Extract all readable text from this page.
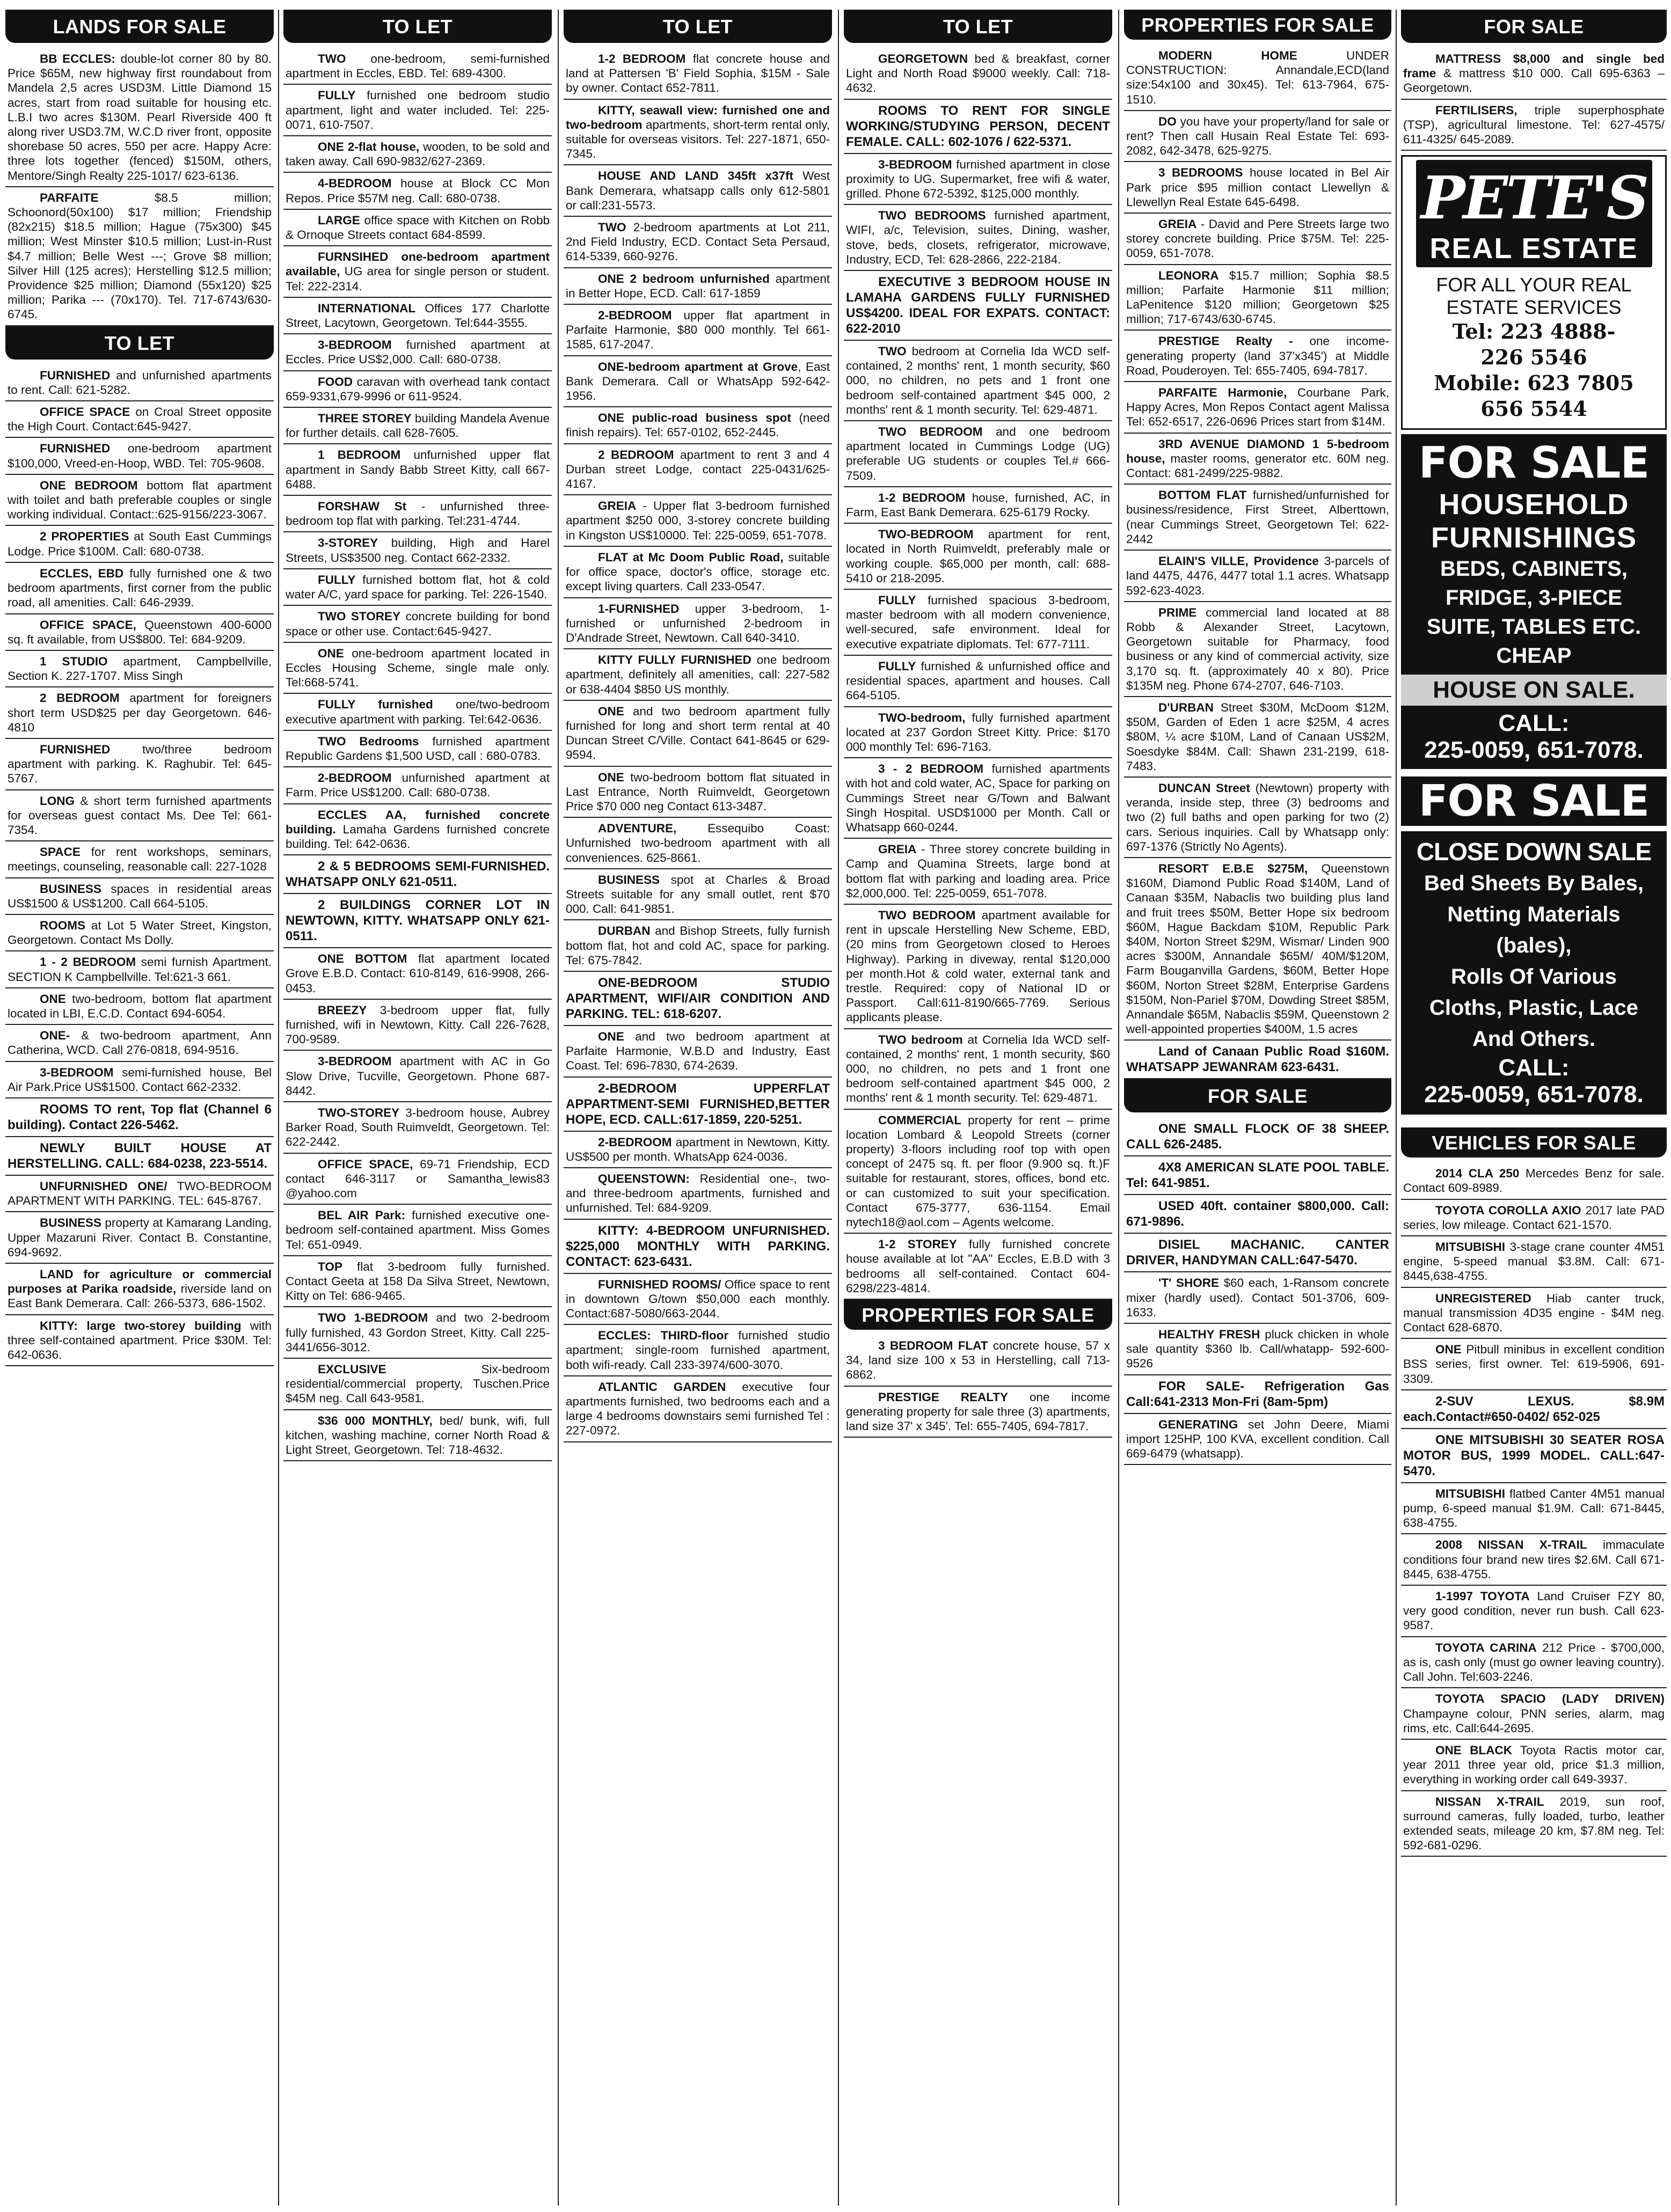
LANDS FOR SALE
BB ECCLES: double-lot corner 80 by 80. Price $65M, new highway first roundabout from Mandela 2,5 acres USD3M. Little Diamond 15 acres, start from road suitable for housing etc. L.B.I two acres $130M. Pearl Riverside 400 ft along river USD3.7M, W.C.D river front, opposite shorebase 50 acres, 550 per acre. Happy Acre: three lots together (fenced) $150M, others, Mentore/Singh Realty 225-1017/ 623-6136.
PARFAITE $8.5 million; Schoonord(50x100) $17 million; Friendship (82x215) $18.5 million; Hague (75x300) $45 million; West Minster $10.5 million; Lust-in-Rust $4.7 million; Belle West ---; Grove $8 million; Silver Hill (125 acres); Herstelling $12.5 million; Providence $25 million; Diamond (55x120) $25 million; Parika --- (70x170). Tel. 717-6743/630-6745.
TO LET
FURNISHED and unfurnished apartments to rent. Call: 621-5282.
OFFICE SPACE on Croal Street opposite the High Court. Contact:645-9427.
FURNISHED one-bedroom apartment $100,000, Vreed-en-Hoop, WBD. Tel: 705-9608.
ONE BEDROOM bottom flat apartment with toilet and bath preferable couples or single working individual. Contact::625-9156/223-3067.
2 PROPERTIES at South East Cummings Lodge. Price $100M. Call: 680-0738.
ECCLES, EBD fully furnished one & two bedroom apartments, first corner from the public road, all amenities. Call: 646-2939.
OFFICE SPACE, Queenstown 400-6000 sq. ft available, from US$800. Tel: 684-9209.
1 STUDIO apartment, Campbellville, Section K. 227-1707. Miss Singh
2 BEDROOM apartment for foreigners short term USD$25 per day Georgetown. 646-4810
FURNISHED two/three bedroom apartment with parking. K. Raghubir. Tel: 645-5767.
LONG & short term furnished apartments for overseas guest contact Ms. Dee Tel: 661-7354.
SPACE for rent workshops, seminars, meetings, counseling, reasonable call: 227-1028
BUSINESS spaces in residential areas US$1500 & US$1200. Call 664-5105.
ROOMS at Lot 5 Water Street, Kingston, Georgetown. Contact Ms Dolly.
1 - 2 BEDROOM semi furnish Apartment. SECTION K Campbellville. Tel:621-3 661.
ONE two-bedroom, bottom flat apartment located in LBI, E.C.D. Contact 694-6054.
ONE- & two-bedroom apartment, Ann Catherina, WCD. Call 276-0818, 694-9516.
3-BEDROOM semi-furnished house, Bel Air Park.Price US$1500. Contact 662-2332.
ROOMS TO rent, Top flat (Channel 6 building). Contact 226-5462.
NEWLY BUILT HOUSE AT HERSTELLING. CALL: 684-0238, 223-5514.
UNFURNISHED ONE/ TWO-BEDROOM APARTMENT WITH PARKING. TEL: 645-8767.
BUSINESS property at Kamarang Landing, Upper Mazaruni River. Contact B. Constantine, 694-9692.
LAND for agriculture or commercial purposes at Parika roadside, riverside land on East Bank Demerara. Call: 266-5373, 686-1502.
KITTY: large two-storey building with three self-contained apartment. Price $30M. Tel: 642-0636.
TO LET
TWO one-bedroom, semi-furnished apartment in Eccles, EBD. Tel: 689-4300.
FULLY furnished one bedroom studio apartment, light and water included. Tel: 225-0071, 610-7507.
ONE 2-flat house, wooden, to be sold and taken away. Call 690-9832/627-2369.
4-BEDROOM house at Block CC Mon Repos. Price $57M neg. Call: 680-0738.
LARGE office space with Kitchen on Robb & Ornoque Streets contact 684-8599.
FURNSIHED one-bedroom apartment available, UG area for single person or student. Tel: 222-2314.
INTERNATIONAL Offices 177 Charlotte Street, Lacytown, Georgetown. Tel:644-3555.
3-BEDROOM furnished apartment at Eccles. Price US$2,000. Call: 680-0738.
FOOD caravan with overhead tank contact 659-9331,679-9996 or 611-9524.
THREE STOREY building Mandela Avenue for further details. call 628-7605.
1 BEDROOM unfurnished upper flat apartment in Sandy Babb Street Kitty, call 667-6488.
FORSHAW St - unfurnished three-bedroom top flat with parking. Tel:231-4744.
3-STOREY building, High and Harel Streets, US$3500 neg. Contact 662-2332.
FULLY furnished bottom flat, hot & cold water A/C, yard space for parking. Tel: 226-1540.
TWO STOREY concrete building for bond space or other use. Contact:645-9427.
ONE one-bedroom apartment located in Eccles Housing Scheme, single male only. Tel:668-5741.
FULLY furnished one/two-bedroom executive apartment with parking. Tel:642-0636.
TWO Bedrooms furnished apartment Republic Gardens $1,500 USD, call : 680-0783.
2-BEDROOM unfurnished apartment at Farm. Price US$1200. Call: 680-0738.
ECCLES AA, furnished concrete building. Lamaha Gardens furnished concrete building. Tel: 642-0636.
2 & 5 BEDROOMS SEMI-FURNISHED. WHATSAPP ONLY 621-0511.
2 BUILDINGS CORNER LOT IN NEWTOWN, KITTY. WHATSAPP ONLY 621-0511.
ONE BOTTOM flat apartment located Grove E.B.D. Contact: 610-8149, 616-9908, 266-0453.
BREEZY 3-bedroom upper flat, fully furnished, wifi in Newtown, Kitty. Call 226-7628, 700-9589.
3-BEDROOM apartment with AC in Go Slow Drive, Tucville, Georgetown. Phone 687-8442.
TWO-STOREY 3-bedroom house, Aubrey Barker Road, South Ruimveldt, Georgetown. Tel: 622-2442.
OFFICE SPACE, 69-71 Friendship, ECD contact 646-3117 or Samantha_lewis83 @yahoo.com
BEL AIR Park: furnished executive one-bedroom self-contained apartment. Miss Gomes Tel: 651-0949.
TOP flat 3-bedroom fully furnished. Contact Geeta at 158 Da Silva Street, Newtown, Kitty on Tel: 686-9465.
TWO 1-BEDROOM and two 2-bedroom fully furnished, 43 Gordon Street, Kitty. Call 225- 3441/656-3012.
EXCLUSIVE Six-bedroom residential/commercial property, Tuschen.Price $45M neg. Call 643-9581.
$36 000 MONTHLY, bed/ bunk, wifi, full kitchen, washing machine, corner North Road & Light Street, Georgetown. Tel: 718-4632.
TO LET
1-2 BEDROOM flat concrete house and land at Pattersen 'B' Field Sophia, $15M - Sale by owner. Contact 652-7811.
KITTY, seawall view: furnished one and two-bedroom apartments, short-term rental only, suitable for overseas visitors. Tel: 227-1871, 650-7345.
HOUSE AND LAND 345ft x37ft West Bank Demerara, whatsapp calls only 612-5801 or call:231-5573.
TWO 2-bedroom apartments at Lot 211, 2nd Field Industry, ECD. Contact Seta Persaud, 614-5339, 660-9276.
ONE 2 bedroom unfurnished apartment in Better Hope, ECD. Call: 617-1859
2-BEDROOM upper flat apartment in Parfaite Harmonie, $80 000 monthly. Tel 661-1585, 617-2047.
ONE-bedroom apartment at Grove, East Bank Demerara. Call or WhatsApp 592-642-1956.
ONE public-road business spot (need finish repairs). Tel: 657-0102, 652-2445.
2 BEDROOM apartment to rent 3 and 4 Durban street Lodge, contact 225-0431/625-4167.
GREIA - Upper flat 3-bedroom furnished apartment $250 000, 3-storey concrete building in Kingston US$10000. Tel: 225-0059, 651-7078.
FLAT at Mc Doom Public Road, suitable for office space, doctor's office, storage etc. except living quarters. Call 233-0547.
1-FURNISHED upper 3-bedroom, 1-furnished or unfurnished 2-bedroom in D'Andrade Street, Newtown. Call 640-3410.
KITTY FULLY FURNISHED one bedroom apartment, definitely all amenities, call: 227-582 or 638-4404 $850 US monthly.
ONE and two bedroom apartment fully furnished for long and short term rental at 40 Duncan Street C/Ville. Contact 641-8645 or 629-9594.
ONE two-bedroom bottom flat situated in Last Entrance, North Ruimveldt, Georgetown Price $70 000 neg Contact 613-3487.
ADVENTURE, Essequibo Coast: Unfurnished two-bedroom apartment with all conveniences. 625-8661.
BUSINESS spot at Charles & Broad Streets suitable for any small outlet, rent $70 000. Call: 641-9851.
DURBAN and Bishop Streets, fully furnish bottom flat, hot and cold AC, space for parking. Tel: 675-7842.
ONE-BEDROOM STUDIO APARTMENT, WIFI/AIR CONDITION AND PARKING. TEL: 618-6207.
ONE and two bedroom apartment at Parfaite Harmonie, W.B.D and Industry, East Coast. Tel: 696-7830, 674-2639.
2-BEDROOM UPPERFLAT APPARTMENT-SEMI FURNISHED,BETTER HOPE, ECD. CALL:617-1859, 220-5251.
2-BEDROOM apartment in Newtown, Kitty. US$500 per month. WhatsApp 624-0036.
QUEENSTOWN: Residential one-, two- and three-bedroom apartments, furnished and unfurnished. Tel: 684-9209.
KITTY: 4-BEDROOM UNFURNISHED. $225,000 MONTHLY WITH PARKING. CONTACT: 623-6431.
FURNISHED ROOMS/ Office space to rent in downtown G/town $50,000 each monthly. Contact:687-5080/663-2044.
ECCLES: THIRD-floor furnished studio apartment; single-room furnished apartment, both wifi-ready. Call 233-3974/600-3070.
ATLANTIC GARDEN executive four apartments furnished, two bedrooms each and a large 4 bedrooms downstairs semi furnished Tel : 227-0972.
TO LET
GEORGETOWN bed & breakfast, corner Light and North Road $9000 weekly. Call: 718-4632.
ROOMS TO RENT FOR SINGLE WORKING/STUDYING PERSON, DECENT FEMALE. CALL: 602-1076 / 622-5371.
3-BEDROOM furnished apartment in close proximity to UG. Supermarket, free wifi & water, grilled. Phone 672-5392, $125,000 monthly.
TWO BEDROOMS furnished apartment, WIFI, a/c, Television, suites, Dining, washer, stove, beds, closets, refrigerator, microwave, Industry, ECD, Tel: 628-2866, 222-2184.
EXECUTIVE 3 BEDROOM HOUSE IN LAMAHA GARDENS FULLY FURNISHED US$4200. IDEAL FOR EXPATS. CONTACT: 622-2010
TWO bedroom at Cornelia Ida WCD self-contained, 2 months' rent, 1 month security, $60 000, no children, no pets and 1 front one bedroom self-contained apartment $45 000, 2 months' rent & 1 month security. Tel: 629-4871.
TWO BEDROOM and one bedroom apartment located in Cummings Lodge (UG) preferable UG students or couples Tel.# 666-7509.
1-2 BEDROOM house, furnished, AC, in Farm, East Bank Demerara. 625-6179 Rocky.
TWO-BEDROOM apartment for rent, located in North Ruimveldt, preferably male or working couple. $65,000 per month, call: 688-5410 or 218-2095.
FULLY furnished spacious 3-bedroom, master bedroom with all modern convenience, well-secured, safe environment. Ideal for executive expatriate diplomats. Tel: 677-7111.
FULLY furnished & unfurnished office and residential spaces, apartment and houses. Call 664-5105.
TWO-bedroom, fully furnished apartment located at 237 Gordon Street Kitty. Price: $170 000 monthly Tel: 696-7163.
3 - 2 BEDROOM furnished apartments with hot and cold water, AC, Space for parking on Cummings Street near G/Town and Balwant Singh Hospital. USD$1000 per Month. Call or Whatsapp 660-0244.
GREIA - Three storey concrete building in Camp and Quamina Streets, large bond at bottom flat with parking and loading area. Price $2,000,000. Tel: 225-0059, 651-7078.
TWO BEDROOM apartment available for rent in upscale Herstelling New Scheme, EBD, (20 mins from Georgetown closed to Heroes Highway). Parking in diveway, rental $120,000 per month.Hot & cold water, external tank and trestle. Required: copy of National ID or Passport. Call:611-8190/665-7769. Serious applicants please.
TWO bedroom at Cornelia Ida WCD self-contained, 2 months' rent, 1 month security, $60 000, no children, no pets and 1 front one bedroom self-contained apartment $45 000, 2 months' rent & 1 month security. Tel: 629-4871.
COMMERCIAL property for rent – prime location Lombard & Leopold Streets (corner property) 3-floors including roof top with open concept of 2475 sq. ft. per floor (9.900 sq. ft.)F suitable for restaurant, stores, offices, bond etc. or can customized to suit your specification. Contact 675-3777, 636-1154. Email nytech18@aol.com – Agents welcome.
1-2 STOREY fully furnished concrete house available at lot "AA" Eccles, E.B.D with 3 bedrooms all self-contained. Contact 604-6298/223-4814.
PROPERTIES FOR SALE
3 BEDROOM FLAT concrete house, 57 x 34, land size 100 x 53 in Herstelling, call 713-6862.
PRESTIGE REALTY one income generating property for sale three (3) apartments, land size 37' x 345'. Tel: 655-7405, 694-7817.
PROPERTIES FOR SALE
MODERN HOME UNDER CONSTRUCTION: Annandale,ECD(land size:54x100 and 30x45). Tel: 613-7964, 675-1510.
DO you have your property/land for sale or rent? Then call Husain Real Estate Tel: 693-2082, 642-3478, 625-9275.
3 BEDROOMS house located in Bel Air Park price $95 million contact Llewellyn & Llewellyn Real Estate 645-6498.
GREIA - David and Pere Streets large two storey concrete building. Price $75M. Tel: 225-0059, 651-7078.
LEONORA $15.7 million; Sophia $8.5 million; Parfaite Harmonie $11 million; LaPenitence $120 million; Georgetown $25 million; 717-6743/630-6745.
PRESTIGE Realty - one income-generating property (land 37'x345') at Middle Road, Pouderoyen. Tel: 655-7405, 694-7817.
PARFAITE Harmonie, Courbane Park, Happy Acres, Mon Repos Contact agent Malissa Tel: 652-6517, 226-0696 Prices start from $14M.
3RD AVENUE DIAMOND 1 5-bedroom house, master rooms, generator etc. 60M neg. Contact: 681-2499/225-9882.
BOTTOM FLAT furnished/unfurnished for business/residence, First Street, Alberttown, (near Cummings Street, Georgetown Tel: 622-2442
ELAIN'S VILLE, Providence 3-parcels of land 4475, 4476, 4477 total 1.1 acres. Whatsapp 592-623-4023.
PRIME commercial land located at 88 Robb & Alexander Street, Lacytown, Georgetown suitable for Pharmacy, food business or any kind of commercial activity, size 3,170 sq. ft. (approximately 40 x 80). Price $135M neg. Phone 674-2707, 646-7103.
D'URBAN Street $30M, McDoom $12M, $50M, Garden of Eden 1 acre $25M, 4 acres $80M, ¼ acre $10M, Land of Canaan US$2M, Soesdyke $84M. Call: Shawn 231-2199, 618-7483.
DUNCAN Street (Newtown) property with veranda, inside step, three (3) bedrooms and two (2) full baths and open parking for two (2) cars. Serious inquiries. Call by Whatsapp only: 697-1376 (Strictly No Agents).
RESORT E.B.E $275M, Queenstown $160M, Diamond Public Road $140M, Land of Canaan $35M, Nabaclis two building plus land and fruit trees $50M, Better Hope six bedroom $60M, Hague Backdam $10M, Republic Park $40M, Norton Street $29M, Wismar/ Linden 900 acres $300M, Annandale $65M/ 40M/$120M, Farm Bouganvilla Gardens, $60M, Better Hope $60M, Norton Street $28M, Enterprise Gardens $150M, Non-Pariel $70M, Dowding Street $85M, Annandale $65M, Nabaclis $59M, Queenstown 2 well-appointed properties $400M, 1.5 acres
Land of Canaan Public Road $160M. WHATSAPP JEWANRAM 623-6431.
FOR SALE
ONE SMALL FLOCK OF 38 SHEEP. CALL 626-2485.
4X8 AMERICAN SLATE POOL TABLE. Tel: 641-9851.
USED 40ft. container $800,000. Call: 671-9896.
DISIEL MACHANIC. CANTER DRIVER, HANDYMAN CALL:647-5470.
'T' SHORE $60 each, 1-Ransom concrete mixer (hardly used). Contact 501-3706, 609-1633.
HEALTHY FRESH pluck chicken in whole sale quantity $360 lb. Call/whatapp- 592-600-9526
FOR SALE- Refrigeration Gas Call:641-2313 Mon-Fri (8am-5pm)
GENERATING set John Deere, Miami import 125HP, 100 KVA, excellent condition. Call 669-6479 (whatsapp).
FOR SALE
MATTRESS $8,000 and single bed frame & mattress $10 000. Call 695-6363 – Georgetown.
FERTILISERS, triple superphosphate (TSP), agricultural limestone. Tel: 627-4575/ 611-4325/ 645-2089.
PETE'S
REAL ESTATE
FOR ALL YOUR REAL
ESTATE SERVICES
Tel: 223 4888-
226 5546
Mobile: 623 7805
656 5544
FOR SALE
HOUSEHOLD
FURNISHINGS
BEDS, CABINETS,
FRIDGE, 3-PIECE
SUITE, TABLES ETC.
CHEAP
HOUSE ON SALE.
CALL:
225-0059, 651-7078.
FOR SALE
CLOSE DOWN SALE
Bed Sheets By Bales,
Netting Materials
(bales),
Rolls Of Various
Cloths, Plastic, Lace
And Others.
CALL:
225-0059, 651-7078.
VEHICLES FOR SALE
2014 CLA 250 Mercedes Benz for sale. Contact 609-8989.
TOYOTA COROLLA AXIO 2017 late PAD series, low mileage. Contact 621-1570.
MITSUBISHI 3-stage crane counter 4M51 engine, 5-speed manual $3.8M. Call: 671-8445,638-4755.
UNREGISTERED Hiab canter truck, manual transmission 4D35 engine - $4M neg. Contact 628-6870.
ONE Pitbull minibus in excellent condition BSS series, first owner. Tel: 619-5906, 691-3309.
2-SUV LEXUS. $8.9M each.Contact#650-0402/ 652-025
ONE MITSUBISHI 30 SEATER ROSA MOTOR BUS, 1999 MODEL. CALL:647-5470.
MITSUBISHI flatbed Canter 4M51 manual pump, 6-speed manual $1.9M. Call: 671-8445, 638-4755.
2008 NISSAN X-TRAIL immaculate conditions four brand new tires $2.6M. Call 671-8445, 638-4755.
1-1997 TOYOTA Land Cruiser FZY 80, very good condition, never run bush. Call 623-9587.
TOYOTA CARINA 212 Price - $700,000, as is, cash only (must go owner leaving country). Call John. Tel:603-2246.
TOYOTA SPACIO (LADY DRIVEN) Champayne colour, PNN series, alarm, mag rims, etc. Call:644-2695.
ONE BLACK Toyota Ractis motor car, year 2011 three year old, price $1.3 million, everything in working order call 649-3937.
NISSAN X-TRAIL 2019, sun roof, surround cameras, fully loaded, turbo, leather extended seats, mileage 20 km, $7.8M neg. Tel: 592-681-0296.
